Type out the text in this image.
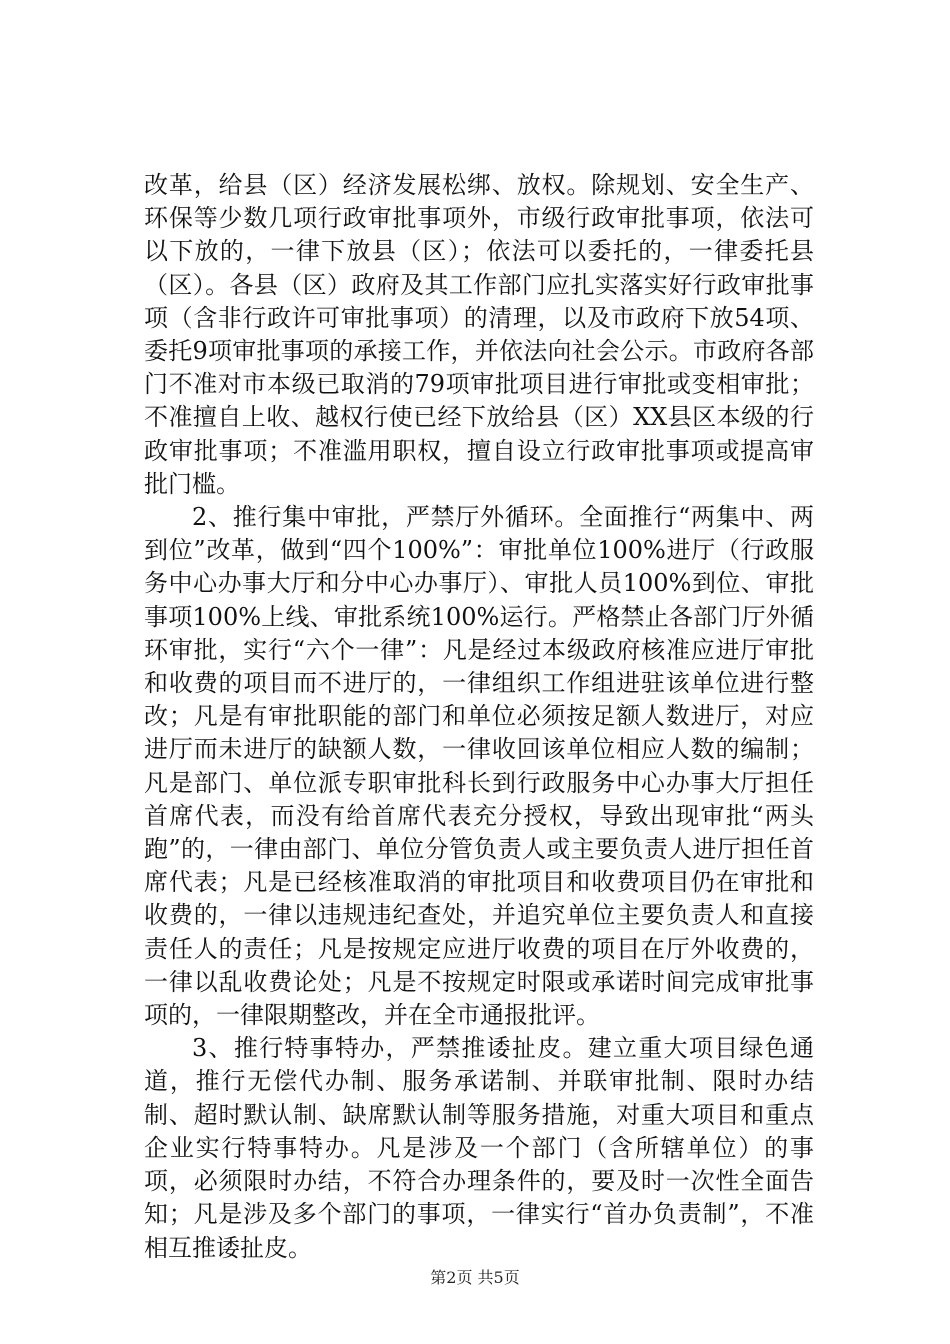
改革，给县（区）经济发展松绑、放权。除规划、安全生产、环保等少数几项行政审批事项外，市级行政审批事项，依法可以下放的，一律下放县（区）；依法可以委托的，一律委托县（区）。各县（区）政府及其工作部门应扎实落实好行政审批事项（含非行政许可审批事项）的清理，以及市政府下放54项、委托9项审批事项的承接工作，并依法向社会公示。市政府各部门不准对市本级已取消的79项审批项目进行审批或变相审批；不准擅自上收、越权行使已经下放给县（区）XX县区本级的行政审批事项；不准滥用职权，擅自设立行政审批事项或提高审批门槛。

2、推行集中审批，严禁厅外循环。全面推行“两集中、两到位”改革，做到“四个100%”：审批单位100%进厅（行政服务中心办事大厅和分中心办事厅）、审批人员100%到位、审批事项100%上线、审批系统100%运行。严格禁止各部门厅外循环审批，实行“六个一律”：凡是经过本级政府核准应进厅审批和收费的项目而不进厅的，一律组织工作组进驻该单位进行整改；凡是有审批职能的部门和单位必须按足额人数进厅，对应进厅而未进厅的缺额人数，一律收回该单位相应人数的编制；凡是部门、单位派专职审批科长到行政服务中心办事大厅担任首席代表，而没有给首席代表充分授权，导致出现审批“两头跑”的，一律由部门、单位分管负责人或主要负责人进厅担任首席代表；凡是已经核准取消的审批项目和收费项目仍在审批和收费的，一律以违规违纪查处，并追究单位主要负责人和直接责任人的责任；凡是按规定应进厅收费的项目在厅外收费的，一律以乱收费论处；凡是不按规定时限或承诺时间完成审批事项的，一律限期整改，并在全市通报批评。

3、推行特事特办，严禁推诿扯皮。建立重大项目绿色通道，推行无偿代办制、服务承诺制、并联审批制、限时办结制、超时默认制、缺席默认制等服务措施，对重大项目和重点企业实行特事特办。凡是涉及一个部门（含所辖单位）的事项，必须限时办结，不符合办理条件的，要及时一次性全面告知；凡是涉及多个部门的事项，一律实行“首办负责制”，不准相互推诿扯皮。

第2页 共5页
